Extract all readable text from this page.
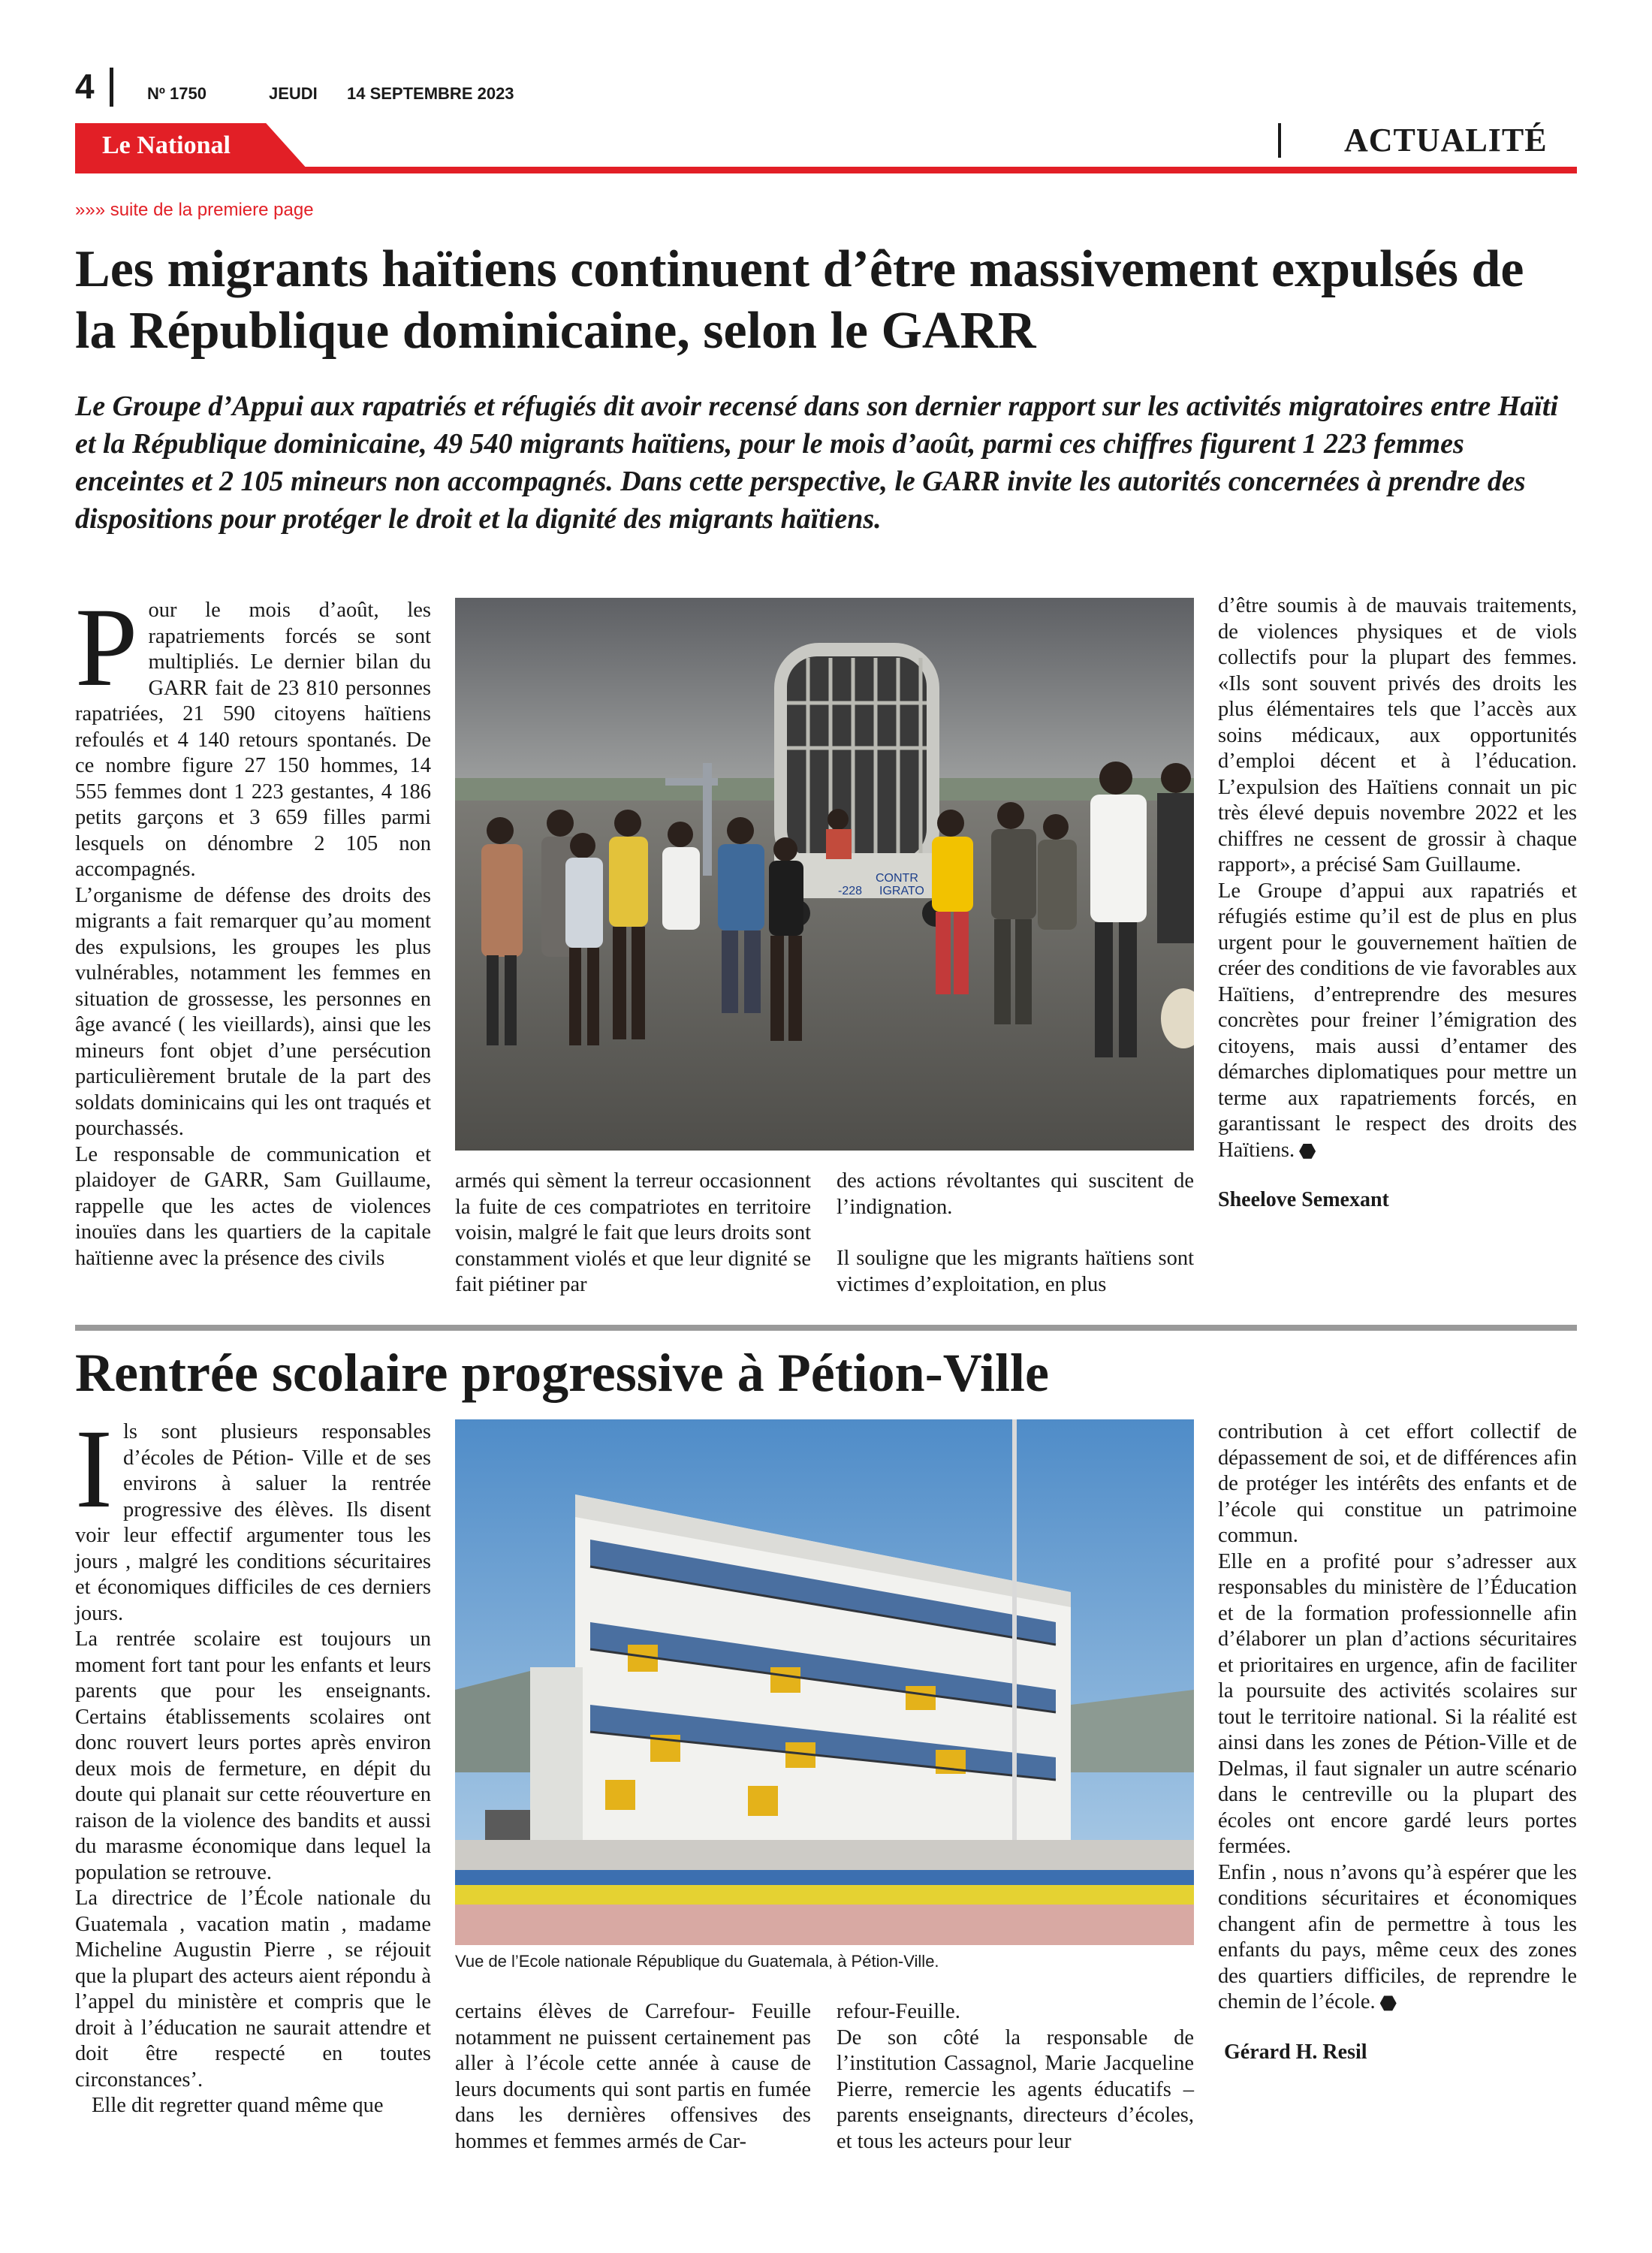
4	Nº 1750	JEUDI 14 SEPTEMBRE 2023
Le National	ACTUALITÉ
»»» suite de la premiere page
Les migrants haïtiens continuent d’être massivement expulsés de la République dominicaine, selon le GARR

Le Groupe d’Appui aux rapatriés et réfugiés dit avoir recensé dans son dernier rapport sur les activités migratoires entre Haïti et la République dominicaine, 49 540 migrants haïtiens, pour le mois d’août, parmi ces chiffres figurent 1 223 femmes enceintes et 2 105 mineurs non accompagnés. Dans cette perspective, le GARR invite les autorités concernées à prendre des dispositions pour protéger le droit et la dignité des migrants haïtiens.

P our le mois d’août, les rapatriements forcés se sont multipliés. Le dernier bilan du GARR fait de 23 810 personnes rapatriées, 21 590 citoyens haïtiens refoulés et 4 140 retours spontanés. De ce nombre figure 27 150 hommes, 14 555 femmes dont 1 223 gestantes, 4 186 petits garçons et 3 659 filles parmi lesquels on dénombre 2 105 non accompagnés.

L’organisme de défense des droits des migrants a fait remarquer qu’au moment des expulsions, les groupes les plus vulnérables, notamment les femmes en situation de grossesse, les personnes en âge avancé ( les vieillards), ainsi que les mineurs font objet d’une persécution particulièrement brutale de la part des soldats dominicains qui les ont traqués et pourchassés.

Le responsable de communication et plaidoyer de GARR, Sam Guillaume, rappelle que les actes de violences inouïes dans les quartiers de la capitale haïtienne avec la présence des civils

CONTR
-228 IGRATO

armés qui sèment la terreur occasionnent la fuite de ces compatriotes en territoire voisin, malgré le fait que leurs droits sont constamment violés et que leur dignité se fait piétiner par

des actions révoltantes qui suscitent de l’indignation.

Il souligne que les migrants haïtiens sont victimes d’exploitation, en plus

d’être soumis à de mauvais traitements, de violences physiques et de viols collectifs pour la plupart des femmes. «Ils sont souvent privés des droits les plus élémentaires tels que l’accès aux soins médicaux, aux opportunités d’emploi décent et à l’éducation. L’expulsion des Haïtiens connait un pic très élevé depuis novembre 2022 et les chiffres ne cessent de grossir à chaque rapport», a précisé Sam Guillaume.

Le Groupe d’appui aux rapatriés et réfugiés estime qu’il est de plus en plus urgent pour le gouvernement haïtien de créer des conditions de vie favorables aux Haïtiens, d’entreprendre des mesures concrètes pour freiner l’émigration des citoyens, mais aussi d’entamer des démarches diplomatiques pour mettre un terme aux rapatriements forcés, en garantissant le respect des droits des Haïtiens.

Sheelove Semexant
Rentrée scolaire progressive à Pétion-Ville
I ls sont plusieurs responsables d’écoles de Pétion- Ville et de ses environs à saluer la rentrée progressive des élèves. Ils disent voir leur effectif argumenter tous les jours , malgré les conditions sécuritaires et économiques difficiles de ces derniers jours.

La rentrée scolaire est toujours un moment fort tant pour les enfants et leurs parents que pour les enseignants. Certains établissements scolaires ont donc rouvert leurs portes après environ deux mois de fermeture, en dépit du doute qui planait sur cette réouverture en raison de la violence des bandits et aussi du marasme économique dans lequel la population se retrouve.

La directrice de l’École nationale du Guatemala , vacation matin , madame Micheline Augustin Pierre , se réjouit que la plupart des acteurs aient répondu à l’appel du ministère et compris que le droit à l’éducation ne saurait attendre et doit être respecté en toutes circonstances’.

Elle dit regretter quand même que

Vue de l’Ecole nationale République du Guatemala, à Pétion-Ville.

certains élèves de Carrefour- Feuille notamment ne puissent certainement pas aller à l’école cette année à cause de leurs documents qui sont partis en fumée dans les dernières offensives des hommes et femmes armés de Car-

refour-Feuille.

De son côté la responsable de l’institution Cassagnol, Marie Jacqueline Pierre, remercie les agents éducatifs –parents enseignants, directeurs d’écoles, et tous les acteurs pour leur

contribution à cet effort collectif de dépassement de soi, et de différences afin de protéger les intérêts des enfants et de l’école qui constitue un patrimoine commun.

Elle en a profité pour s’adresser aux responsables du ministère de l’Éducation et de la formation professionnelle afin d’élaborer un plan d’actions sécuritaires et prioritaires en urgence, afin de faciliter la poursuite des activités scolaires sur tout le territoire national. Si la réalité est ainsi dans les zones de Pétion-Ville et de Delmas, il faut signaler un autre scénario dans le centreville ou la plupart des écoles ont encore gardé leurs portes fermées.

Enfin , nous n’avons qu’à espérer que les conditions sécuritaires et économiques changent afin de permettre à tous les enfants du pays, même ceux des zones des quartiers difficiles, de reprendre le chemin de l’école.

Gérard H. Resil
